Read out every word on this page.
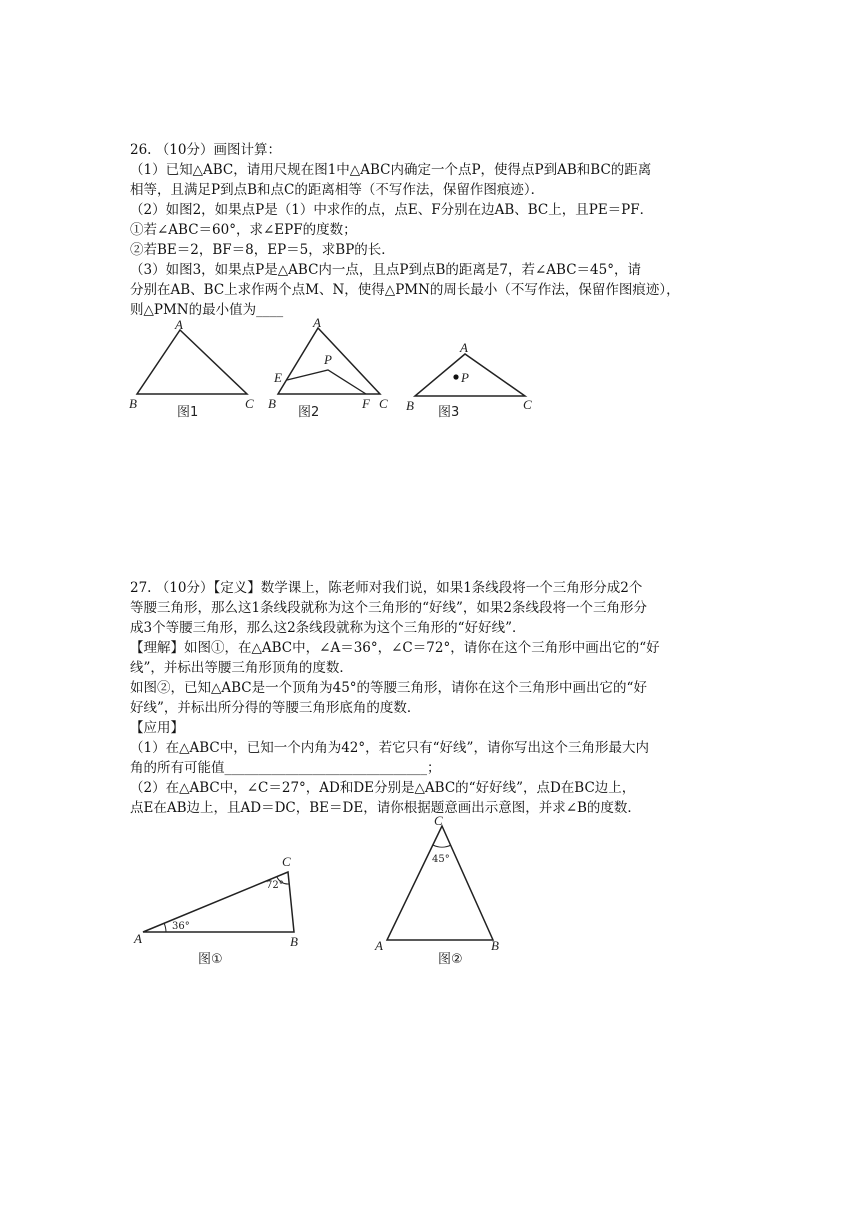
26. （10分）画图计算：
（1）已知△ABC，请用尺规在图1中△ABC内确定一个点P，使得点P到AB和BC的距离
相等，且满足P到点B和点C的距离相等（不写作法，保留作图痕迹）．
（2）如图2，如果点P是（1）中求作的点，点E、F分别在边AB、BC上，且PE＝PF．
①若∠ABC＝60°，求∠EPF的度数；
②若BE＝2，BF＝8，EP＝5，求BP的长．
（3）如图3，如果点P是△ABC内一点，且点P到点B的距离是7，若∠ABC＝45°，请
分别在AB、BC上求作两个点M、N，使得△PMN的周长最小（不写作法，保留作图痕迹），
则△PMN的最小值为____
A
B	C
图1
A
P
E
B	F C
图2
A
P
B	C
图3
27. （10分）【定义】数学课上，陈老师对我们说，如果1条线段将一个三角形分成2个
等腰三角形，那么这1条线段就称为这个三角形的“好线”，如果2条线段将一个三角形分
成3个等腰三角形，那么这2条线段就称为这个三角形的“好好线”．
【理解】如图①，在△ABC中，∠A＝36°，∠C＝72°，请你在这个三角形中画出它的“好
线”，并标出等腰三角形顶角的度数．
如图②，已知△ABC是一个顶角为45°的等腰三角形，请你在这个三角形中画出它的“好
好线”，并标出所分得的等腰三角形底角的度数．
【应用】
（1）在△ABC中，已知一个内角为42°，若它只有“好线”，请你写出这个三角形最大内
角的所有可能值______________________________；
（2）在△ABC中，∠C＝27°，AD和DE分别是△ABC的“好好线”，点D在BC边上，
点E在AB边上，且AD＝DC，BE＝DE，请你根据题意画出示意图，并求∠B的度数．
36°
72°
A	B
C
图①
45°
C
A	B
图②
